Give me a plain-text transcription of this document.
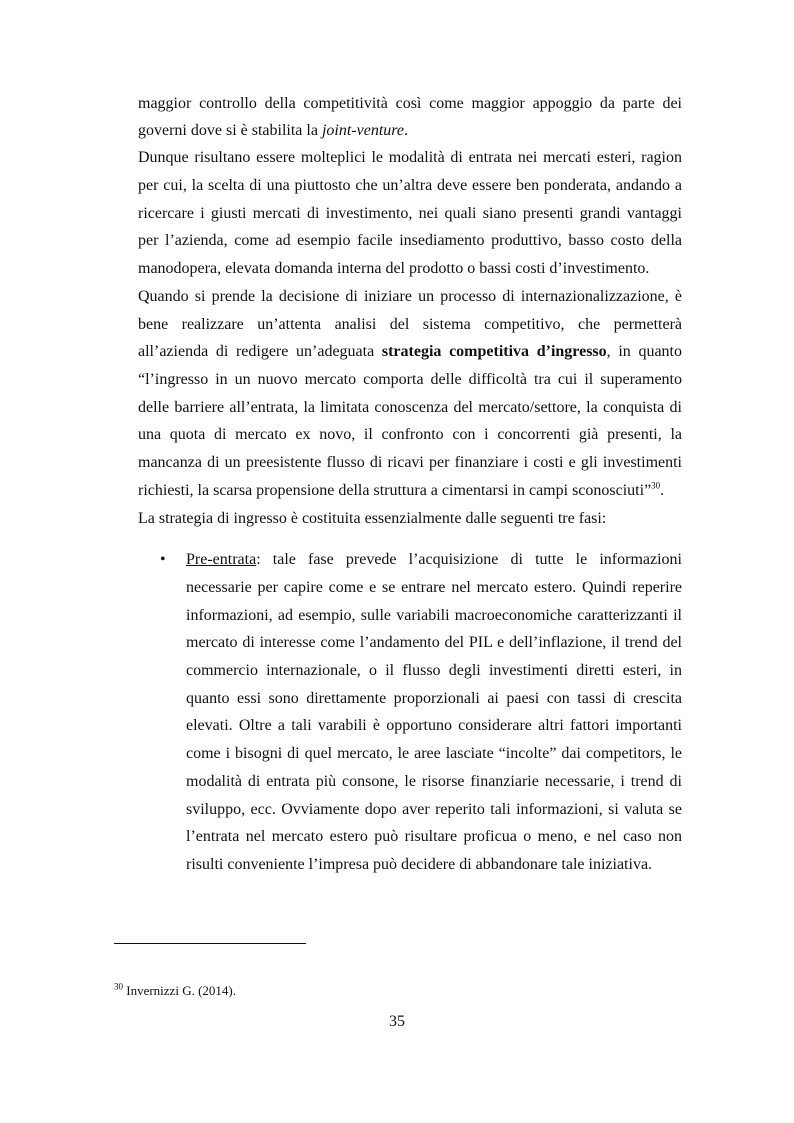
maggior controllo della competitività così come maggior appoggio da parte dei

governi dove si è stabilita la joint-venture.

Dunque risultano essere molteplici le modalità di entrata nei mercati esteri, ragion

per cui, la scelta di una piuttosto che un’altra deve essere ben ponderata, andando a

ricercare i giusti mercati di investimento, nei quali siano presenti grandi vantaggi

per l’azienda, come ad esempio facile insediamento produttivo, basso costo della

manodopera, elevata domanda interna del prodotto o bassi costi d’investimento.

Quando si prende la decisione di iniziare un processo di internazionalizzazione, è

bene realizzare un’attenta analisi del sistema competitivo, che permetterà

all’azienda di redigere un’adeguata strategia competitiva d’ingresso, in quanto

“l’ingresso in un nuovo mercato comporta delle difficoltà tra cui il superamento

delle barriere all’entrata, la limitata conoscenza del mercato/settore, la conquista di

una quota di mercato ex novo, il confronto con i concorrenti già presenti, la

mancanza di un preesistente flusso di ricavi per finanziare i costi e gli investimenti

richiesti, la scarsa propensione della struttura a cimentarsi in campi sconosciuti”$^{30}$.

La strategia di ingresso è costituita essenzialmente dalle seguenti tre fasi:

• Pre-entrata: tale fase prevede l’acquisizione di tutte le informazioni

necessarie per capire come e se entrare nel mercato estero. Quindi reperire

informazioni, ad esempio, sulle variabili macroeconomiche caratterizzanti il

mercato di interesse come l’andamento del PIL e dell’inflazione, il trend del

commercio internazionale, o il flusso degli investimenti diretti esteri, in

quanto essi sono direttamente proporzionali ai paesi con tassi di crescita

elevati. Oltre a tali varabili è opportuno considerare altri fattori importanti

come i bisogni di quel mercato, le aree lasciate “incolte” dai competitors, le

modalità di entrata più consone, le risorse finanziarie necessarie, i trend di

sviluppo, ecc. Ovviamente dopo aver reperito tali informazioni, si valuta se

l’entrata nel mercato estero può risultare proficua o meno, e nel caso non

risulti conveniente l’impresa può decidere di abbandonare tale iniziativa.

$^{30}$ Invernizzi G. (2014).
35
